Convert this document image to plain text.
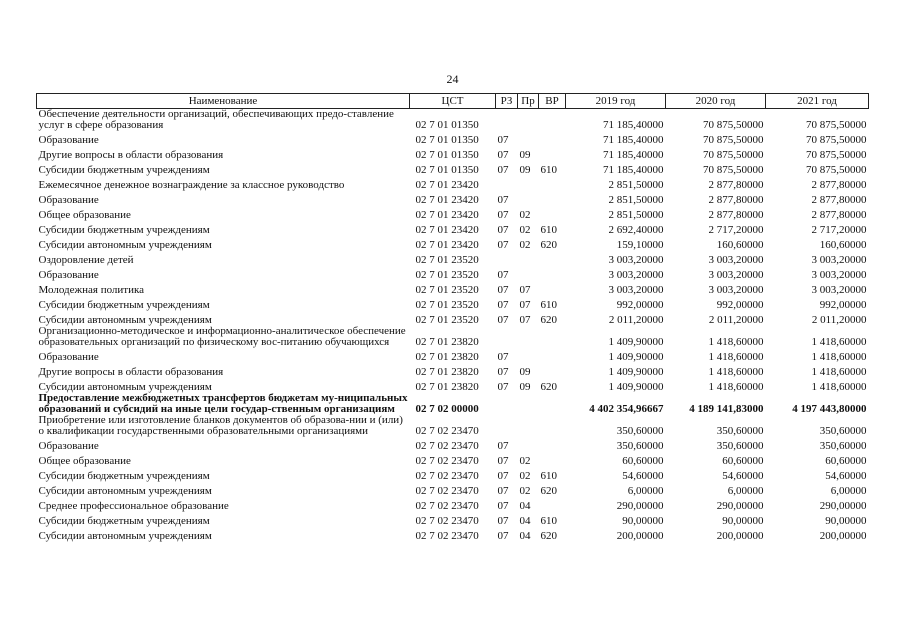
24
Наименование	ЦСТ	РЗ	Пр	ВР	2019 год	2020 год	2021 год
Обеспечение деятельности организаций, обеспечивающих предо-ставление услуг в сфере образования	02 7 01 01350				71 185,40000	70 875,50000	70 875,50000
Образование	02 7 01 01350	07			71 185,40000	70 875,50000	70 875,50000
Другие вопросы в области образования	02 7 01 01350	07	09		71 185,40000	70 875,50000	70 875,50000
Субсидии бюджетным учреждениям	02 7 01 01350	07	09	610	71 185,40000	70 875,50000	70 875,50000
Ежемесячное денежное вознаграждение за классное руководство	02 7 01 23420				2 851,50000	2 877,80000	2 877,80000
Образование	02 7 01 23420	07			2 851,50000	2 877,80000	2 877,80000
Общее образование	02 7 01 23420	07	02		2 851,50000	2 877,80000	2 877,80000
Субсидии бюджетным учреждениям	02 7 01 23420	07	02	610	2 692,40000	2 717,20000	2 717,20000
Субсидии автономным учреждениям	02 7 01 23420	07	02	620	159,10000	160,60000	160,60000
Оздоровление детей	02 7 01 23520				3 003,20000	3 003,20000	3 003,20000
Образование	02 7 01 23520	07			3 003,20000	3 003,20000	3 003,20000
Молодежная политика	02 7 01 23520	07	07		3 003,20000	3 003,20000	3 003,20000
Субсидии бюджетным учреждениям	02 7 01 23520	07	07	610	992,00000	992,00000	992,00000
Субсидии автономным учреждениям	02 7 01 23520	07	07	620	2 011,20000	2 011,20000	2 011,20000
Организационно-методическое и информационно-аналитическое обеспечение образовательных организаций по физическому вос-питанию обучающихся	02 7 01 23820				1 409,90000	1 418,60000	1 418,60000
Образование	02 7 01 23820	07			1 409,90000	1 418,60000	1 418,60000
Другие вопросы в области образования	02 7 01 23820	07	09		1 409,90000	1 418,60000	1 418,60000
Субсидии автономным учреждениям	02 7 01 23820	07	09	620	1 409,90000	1 418,60000	1 418,60000
Предоставление межбюджетных трансфертов бюджетам му-ниципальных образований и субсидий на иные цели государ-ственным организациям	02 7 02 00000				4 402 354,96667	4 189 141,83000	4 197 443,80000
Приобретение или изготовление бланков документов об образова-нии и (или) о квалификации государственными образовательными организациями	02 7 02 23470				350,60000	350,60000	350,60000
Образование	02 7 02 23470	07			350,60000	350,60000	350,60000
Общее образование	02 7 02 23470	07	02		60,60000	60,60000	60,60000
Субсидии бюджетным учреждениям	02 7 02 23470	07	02	610	54,60000	54,60000	54,60000
Субсидии автономным учреждениям	02 7 02 23470	07	02	620	6,00000	6,00000	6,00000
Среднее профессиональное образование	02 7 02 23470	07	04		290,00000	290,00000	290,00000
Субсидии бюджетным учреждениям	02 7 02 23470	07	04	610	90,00000	90,00000	90,00000
Субсидии автономным учреждениям	02 7 02 23470	07	04	620	200,00000	200,00000	200,00000
